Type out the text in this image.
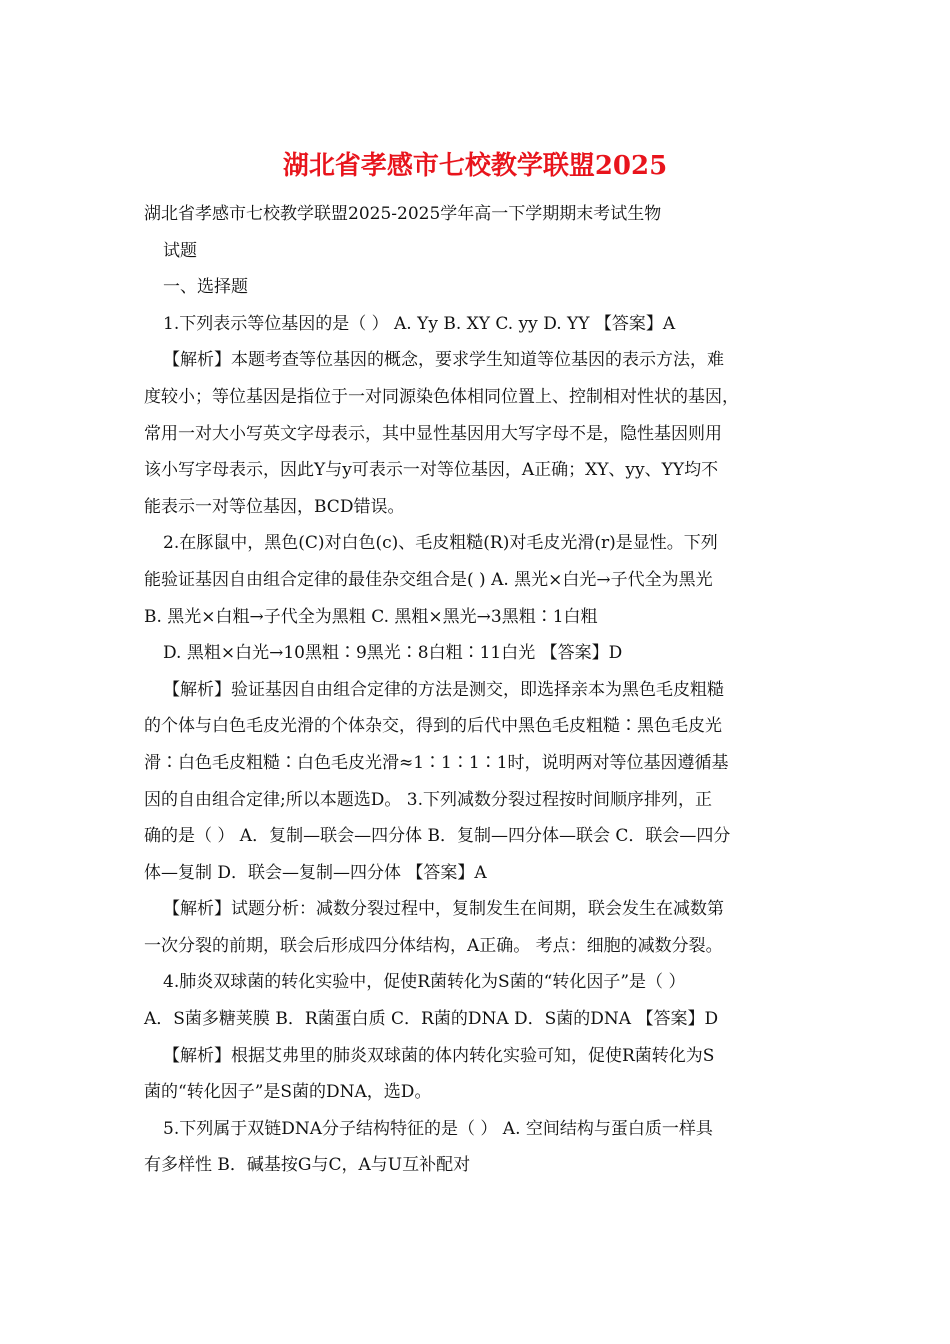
湖北省孝感市七校教学联盟2025

湖北省孝感市七校教学联盟2025-2025学年高一下学期期末考试生物

试题

一、选择题

1.下列表示等位基因的是（ ） A. Yy B. XY C. yy D. YY 【答案】A

【解析】本题考查等位基因的概念，要求学生知道等位基因的表示方法，难

度较小；等位基因是指位于一对同源染色体相同位置上、控制相对性状的基因，

常用一对大小写英文字母表示，其中显性基因用大写字母不是，隐性基因则用

该小写字母表示，因此Y与y可表示一对等位基因，A正确；XY、yy、YY均不

能表示一对等位基因，BCD错误。

2.在豚鼠中，黑色(C)对白色(c)、毛皮粗糙(R)对毛皮光滑(r)是显性。下列

能验证基因自由组合定律的最佳杂交组合是( ) A. 黑光×白光→子代全为黑光

B. 黑光×白粗→子代全为黑粗 C. 黑粗×黑光→3黑粗∶1白粗

D. 黑粗×白光→10黑粗∶9黑光∶8白粗∶11白光 【答案】D

【解析】验证基因自由组合定律的方法是测交，即选择亲本为黑色毛皮粗糙

的个体与白色毛皮光滑的个体杂交，得到的后代中黑色毛皮粗糙∶黑色毛皮光

滑∶白色毛皮粗糙∶白色毛皮光滑≈1∶1∶1∶1时，说明两对等位基因遵循基

因的自由组合定律;所以本题选D。 3.下列减数分裂过程按时间顺序排列，正

确的是（ ） A．复制—联会—四分体 B．复制—四分体—联会 C．联会—四分

体—复制 D．联会—复制—四分体 【答案】A

【解析】试题分析：减数分裂过程中，复制发生在间期，联会发生在减数第

一次分裂的前期，联会后形成四分体结构，A正确。 考点：细胞的减数分裂。

4.肺炎双球菌的转化实验中，促使R菌转化为S菌的“转化因子”是（ ）

A．S菌多糖荚膜 B．R菌蛋白质 C．R菌的DNA D．S菌的DNA 【答案】D

【解析】根据艾弗里的肺炎双球菌的体内转化实验可知，促使R菌转化为S

菌的“转化因子”是S菌的DNA，选D。

5.下列属于双链DNA分子结构特征的是（ ） A. 空间结构与蛋白质一样具

有多样性 B．碱基按G与C，A与U互补配对
